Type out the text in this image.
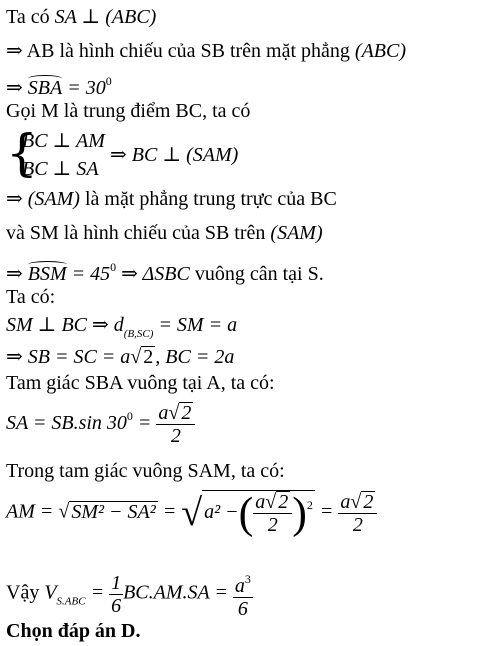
Ta có SA ⊥ (ABC)
⇒ AB là hình chiếu của SB trên mặt phẳng (ABC)
⇒ SBA = $30^0$
Gọi M là trung điểm BC, ta có
{
BC ⊥ AM
BC ⊥ SA
⇒ BC ⊥ (SAM)
⇒ (SAM) là mặt phẳng trung trực của BC
và SM là hình chiếu của SB trên (SAM)
⇒ BSM = $45^0$ ⇒ ΔSBC vuông cân tại S.
Ta có:
SM ⊥ BC ⇒ $d_{(B,SC)}$ = SM = a
⇒ SB = SC = a√ 2 , BC = 2a
Tam giác SBA vuông tại A, ta có:
SA = SB.sin $30^0 = \frac{a√ 2}{2}$
Trong tam giác vuông SAM, ta có:
AM = √ SM² − SA² = √ a² −( $\frac{a√ 2}{2} )^2 = \frac{a√ 2}{2}$
Vậy $V_{S.ABC} = \frac{1}{6} BC.AM.SA = \frac{a^3}{6}$
Chọn đáp án D.
